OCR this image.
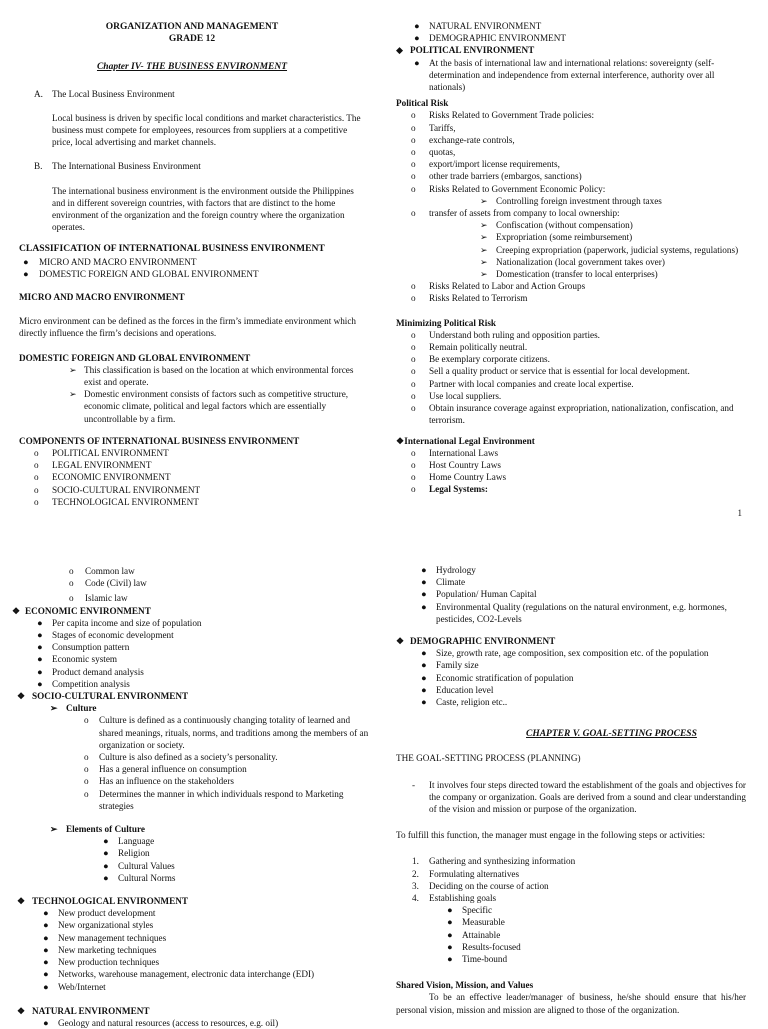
ORGANIZATION AND MANAGEMENT
GRADE 12
Chapter IV- THE BUSINESS ENVIRONMENT
A. The Local Business Environment
Local business is driven by specific local conditions and market characteristics. The business must compete for employees, resources from suppliers at a competitive price, local advertising and market channels.
B. The International Business Environment
The international business environment is the environment outside the Philippines and in different sovereign countries, with factors that are distinct to the home environment of the organization and the foreign country where the organization operates.
CLASSIFICATION OF INTERNATIONAL BUSINESS ENVIRONMENT
● MICRO AND MACRO ENVIRONMENT
● DOMESTIC FOREIGN AND GLOBAL ENVIRONMENT
MICRO AND MACRO ENVIRONMENT
Micro environment can be defined as the forces in the firm’s immediate environment which directly influence the firm’s decisions and operations.
DOMESTIC FOREIGN AND GLOBAL ENVIRONMENT
➢ This classification is based on the location at which environmental forces exist and operate.
➢ Domestic environment consists of factors such as competitive structure, economic climate, political and legal factors which are essentially uncontrollable by a firm.
COMPONENTS OF INTERNATIONAL BUSINESS ENVIRONMENT
o POLITICAL ENVIRONMENT
o LEGAL ENVIRONMENT
o ECONOMIC ENVIRONMENT
o SOCIO-CULTURAL ENVIRONMENT
o TECHNOLOGICAL ENVIRONMENT
● NATURAL ENVIRONMENT
● DEMOGRAPHIC ENVIRONMENT
◆ POLITICAL ENVIRONMENT
● At the basis of international law and international relations: sovereignty (self-determination and independence from external interference, authority over all nationals)
Political Risk
o Risks Related to Government Trade policies:
o Tariffs,
o exchange-rate controls,
o quotas,
o export/import license requirements,
o other trade barriers (embargos, sanctions)
o Risks Related to Government Economic Policy:
➢ Controlling foreign investment through taxes
o transfer of assets from company to local ownership:
➢ Confiscation (without compensation)
➢ Expropriation (some reimbursement)
➢ Creeping expropriation (paperwork, judicial systems, regulations)
➢ Nationalization (local government takes over)
➢ Domestication (transfer to local enterprises)
o Risks Related to Labor and Action Groups
o Risks Related to Terrorism
Minimizing Political Risk
o Understand both ruling and opposition parties.
o Remain politically neutral.
o Be exemplary corporate citizens.
o Sell a quality product or service that is essential for local development.
o Partner with local companies and create local expertise.
o Use local suppliers.
o Obtain insurance coverage against expropriation, nationalization, confiscation, and terrorism.
❖International Legal Environment
o International Laws
o Host Country Laws
o Home Country Laws
o Legal Systems:
1
o Common law
o Code (Civil) law
o Islamic law
❖ ECONOMIC ENVIRONMENT
● Per capita income and size of population
● Stages of economic development
● Consumption pattern
● Economic system
● Product demand analysis
● Competition analysis
❖ SOCIO-CULTURAL ENVIRONMENT
➢ Culture
o Culture is defined as a continuously changing totality of learned and shared meanings, rituals, norms, and traditions among the members of an organization or society.
o Culture is also defined as a society’s personality.
o Has a general influence on consumption
o Has an influence on the stakeholders
o Determines the manner in which individuals respond to Marketing strategies
➢ Elements of Culture
● Language
● Religion
● Cultural Values
● Cultural Norms
❖ TECHNOLOGICAL ENVIRONMENT
● New product development
● New organizational styles
● New management techniques
● New marketing techniques
● New production techniques
● Networks, warehouse management, electronic data interchange (EDI)
● Web/Internet
❖ NATURAL ENVIRONMENT
● Geology and natural resources (access to resources, e.g. oil)
● Hydrology
● Climate
● Population/ Human Capital
● Environmental Quality (regulations on the natural environment, e.g. hormones, pesticides, CO2-Levels
❖ DEMOGRAPHIC ENVIRONMENT
● Size, growth rate, age composition, sex composition etc. of the population
● Family size
● Economic stratification of population
● Education level
● Caste, religion etc..
CHAPTER V. GOAL-SETTING PROCESS
THE GOAL-SETTING PROCESS (PLANNING)
- It involves four steps directed toward the establishment of the goals and objectives for the company or organization. Goals are derived from a sound and clear understanding of the vision and mission or purpose of the organization.
To fulfill this function, the manager must engage in the following steps or activities:
1. Gathering and synthesizing information
2. Formulating alternatives
3. Deciding on the course of action
4. Establishing goals
● Specific
● Measurable
● Attainable
● Results-focused
● Time-bound
Shared Vision, Mission, and Values
To be an effective leader/manager of business, he/she should ensure that his/her personal vision, mission and mission are aligned to those of the organization.
